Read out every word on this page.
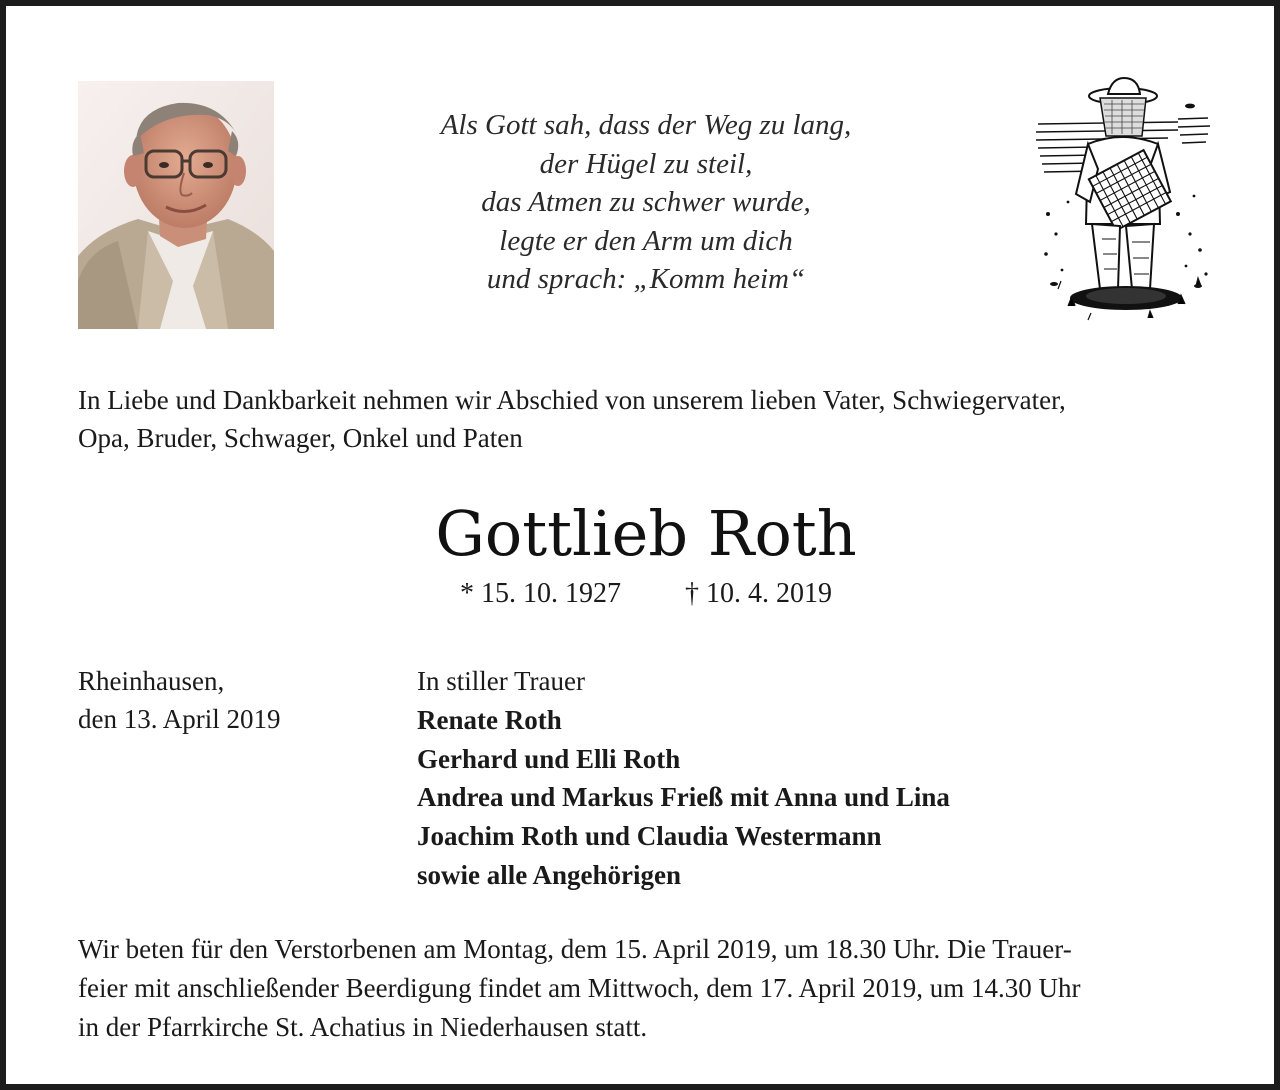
Als Gott sah, dass der Weg zu lang,
der Hügel zu steil,
das Atmen zu schwer wurde,
legte er den Arm um dich
und sprach: „Komm heim“
In Liebe und Dankbarkeit nehmen wir Abschied von unserem lieben Vater, Schwiegervater,
Opa, Bruder, Schwager, Onkel und Paten
Gottlieb Roth
* 15. 10. 1927 † 10. 4. 2019
Rheinhausen,
den 13. April 2019
In stiller Trauer
Renate Roth
Gerhard und Elli Roth
Andrea und Markus Frieß mit Anna und Lina
Joachim Roth und Claudia Westermann
sowie alle Angehörigen
Wir beten für den Verstorbenen am Montag, dem 15. April 2019, um 18.30 Uhr. Die Trauer-
feier mit anschließender Beerdigung findet am Mittwoch, dem 17. April 2019, um 14.30 Uhr
in der Pfarrkirche St. Achatius in Niederhausen statt.
